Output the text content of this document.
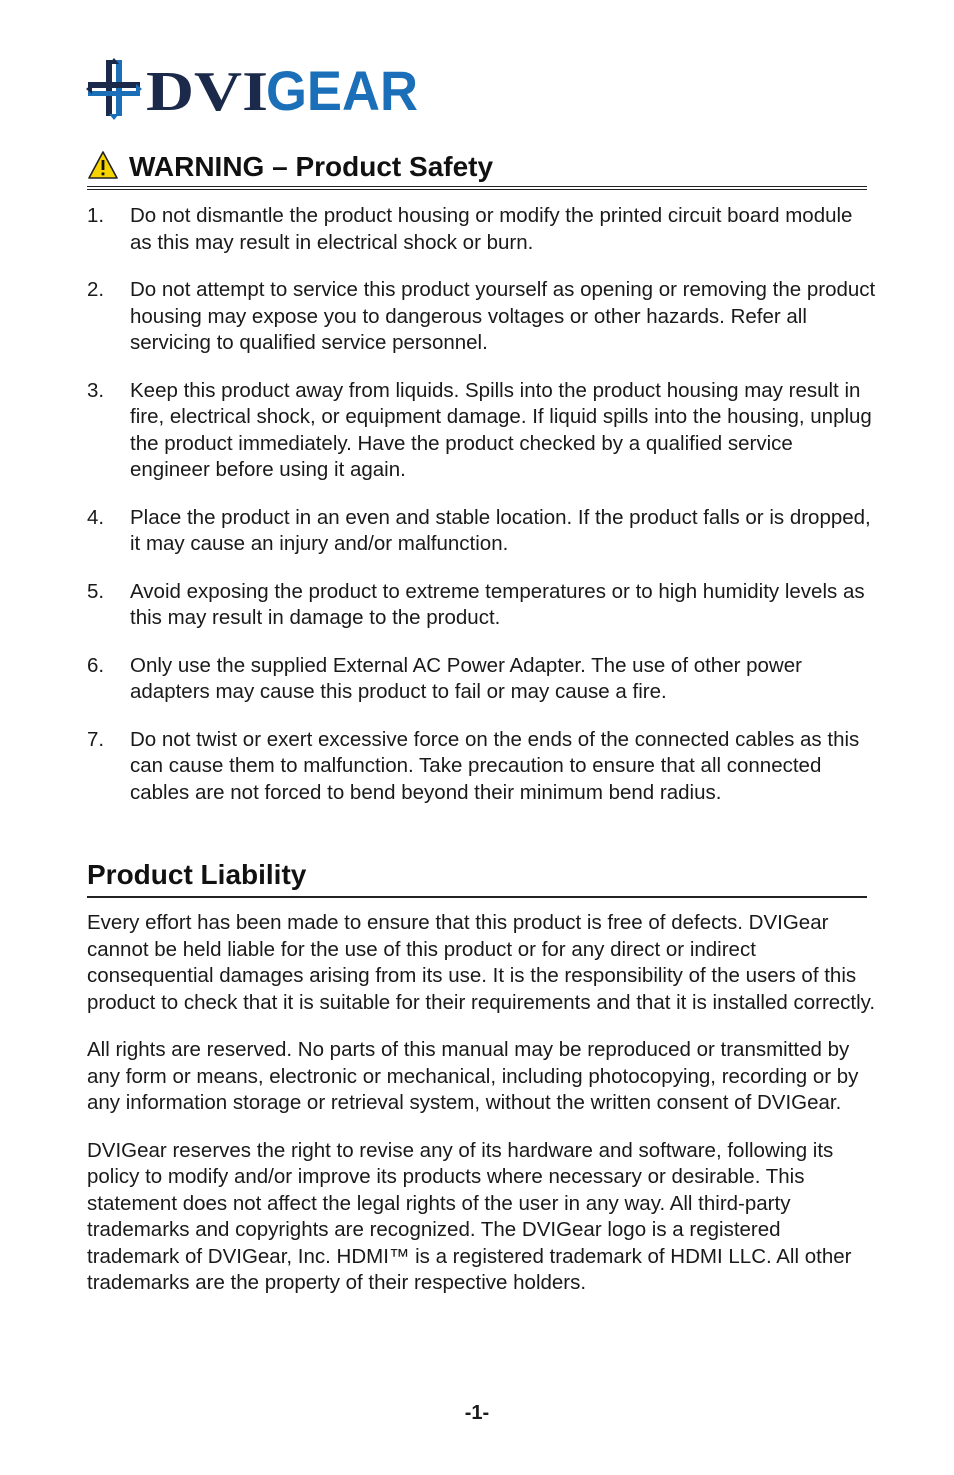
DVI
GEAR
WARNING – Product Safety
1.	Do not dismantle the product housing or modify the printed circuit board module as this may result in electrical shock or burn.
2.	Do not attempt to service this product yourself as opening or removing the product housing may expose you to dangerous voltages or other hazards. Refer all servicing to qualified service personnel.
3.	Keep this product away from liquids. Spills into the product housing may result in fire, electrical shock, or equipment damage. If liquid spills into the housing, unplug the product immediately. Have the product checked by a qualified service engineer before using it again.
4.	Place the product in an even and stable location. If the product falls or is dropped, it may cause an injury and/or malfunction.
5.	Avoid exposing the product to extreme temperatures or to high humidity levels as this may result in damage to the product.
6.	Only use the supplied External AC Power Adapter. The use of other power adapters may cause this product to fail or may cause a fire.
7.	Do not twist or exert excessive force on the ends of the connected cables as this can cause them to malfunction. Take precaution to ensure that all connected cables are not forced to bend beyond their minimum bend radius.
Product Liability

Every effort has been made to ensure that this product is free of defects. DVIGear cannot be held liable for the use of this product or for any direct or indirect consequential damages arising from its use. It is the responsibility of the users of this product to check that it is suitable for their requirements and that it is installed correctly.

All rights are reserved. No parts of this manual may be reproduced or transmitted by any form or means, electronic or mechanical, including photocopying, recording or by any information storage or retrieval system, without the written consent of DVIGear.

DVIGear reserves the right to revise any of its hardware and software, following its policy to modify and/or improve its products where necessary or desirable. This statement does not affect the legal rights of the user in any way. All third-party trademarks and copyrights are recognized. The DVIGear logo is a registered trademark of DVIGear, Inc. HDMI™ is a registered trademark of HDMI LLC. All other trademarks are the property of their respective holders.

-1-
